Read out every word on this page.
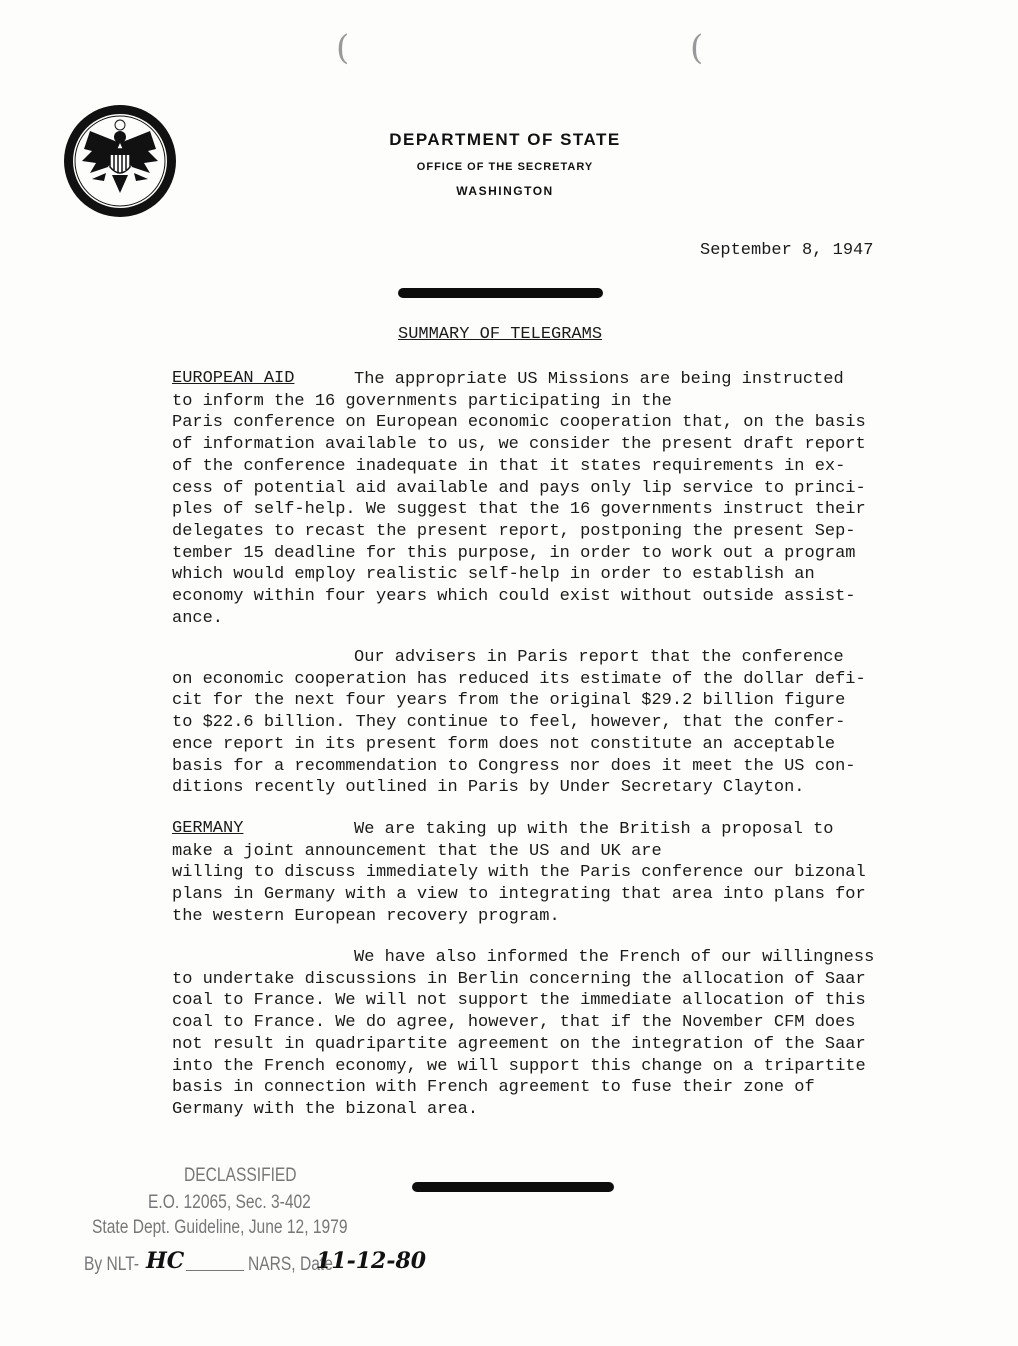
(	(
DEPARTMENT OF STATE
OFFICE OF THE SECRETARY
WASHINGTON
September 8, 1947
SUMMARY OF TELEGRAMS
EUROPEAN AID	The appropriate US Missions are being instructed
to inform the 16 governments participating in the
Paris conference on European economic cooperation that, on the basis
of information available to us, we consider the present draft report
of the conference inadequate in that it states requirements in ex-
cess of potential aid available and pays only lip service to princi-
ples of self-help. We suggest that the 16 governments instruct their
delegates to recast the present report, postponing the present Sep-
tember 15 deadline for this purpose, in order to work out a program
which would employ realistic self-help in order to establish an
economy within four years which could exist without outside assist-
ance.
Our advisers in Paris report that the conference
on economic cooperation has reduced its estimate of the dollar defi-
cit for the next four years from the original $29.2 billion figure
to $22.6 billion. They continue to feel, however, that the confer-
ence report in its present form does not constitute an acceptable
basis for a recommendation to Congress nor does it meet the US con-
ditions recently outlined in Paris by Under Secretary Clayton.
GERMANY	We are taking up with the British a proposal to
make a joint announcement that the US and UK are
willing to discuss immediately with the Paris conference our bizonal
plans in Germany with a view to integrating that area into plans for
the western European recovery program.
We have also informed the French of our willingness
to undertake discussions in Berlin concerning the allocation of Saar
coal to France. We will not support the immediate allocation of this
coal to France. We do agree, however, that if the November CFM does
not result in quadripartite agreement on the integration of the Saar
into the French economy, we will support this change on a tripartite
basis in connection with French agreement to fuse their zone of
Germany with the bizonal area.
DECLASSIFIED
E.O. 12065, Sec. 3-402
State Dept. Guideline, June 12, 1979
By NLT- HC	NARS, Date
11-12-80
